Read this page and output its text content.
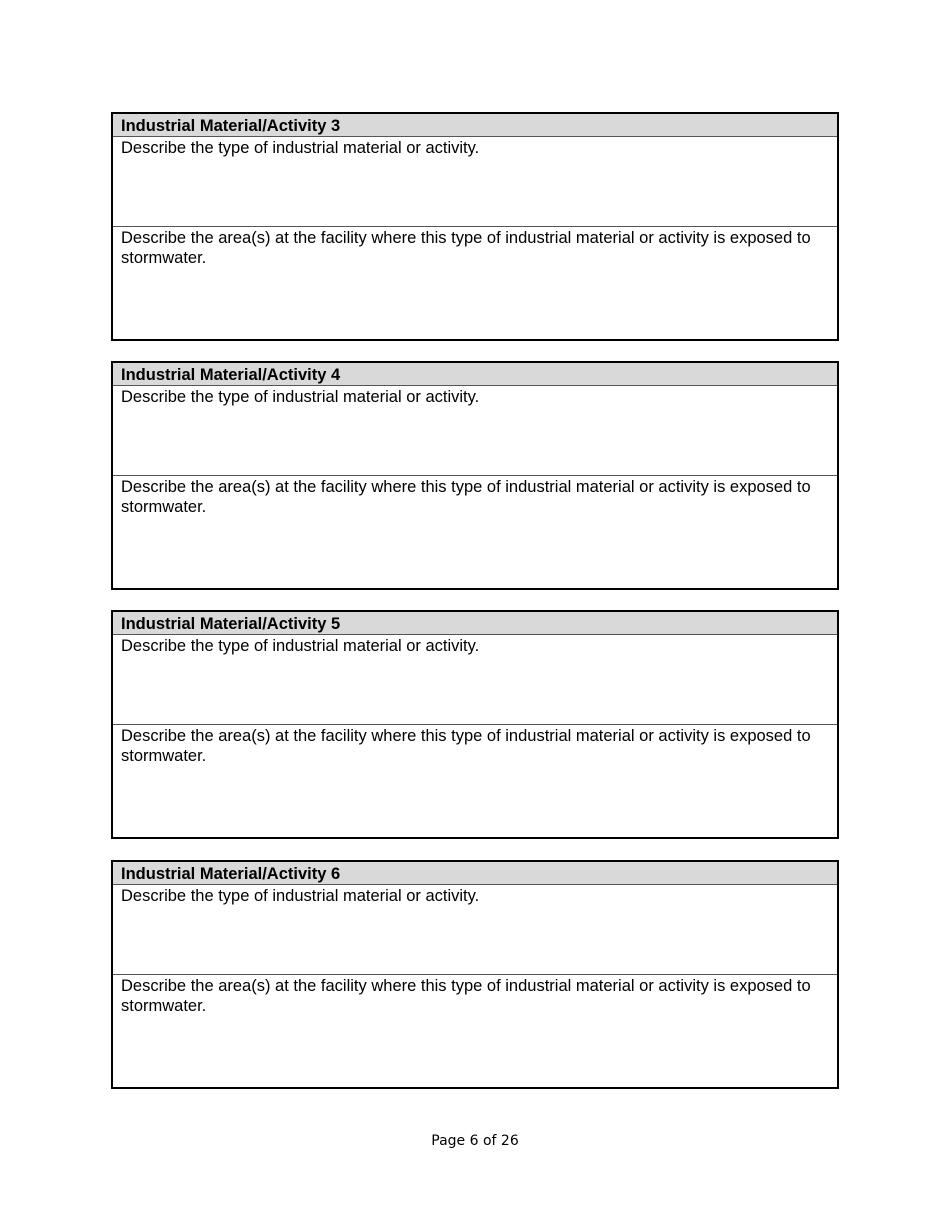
Industrial Material/Activity 3
Describe the type of industrial material or activity.
Describe the area(s) at the facility where this type of industrial material or activity is exposed to stormwater.
Industrial Material/Activity 4
Describe the type of industrial material or activity.
Describe the area(s) at the facility where this type of industrial material or activity is exposed to stormwater.
Industrial Material/Activity 5
Describe the type of industrial material or activity.
Describe the area(s) at the facility where this type of industrial material or activity is exposed to stormwater.
Industrial Material/Activity 6
Describe the type of industrial material or activity.
Describe the area(s) at the facility where this type of industrial material or activity is exposed to stormwater.
Page 6 of 26
